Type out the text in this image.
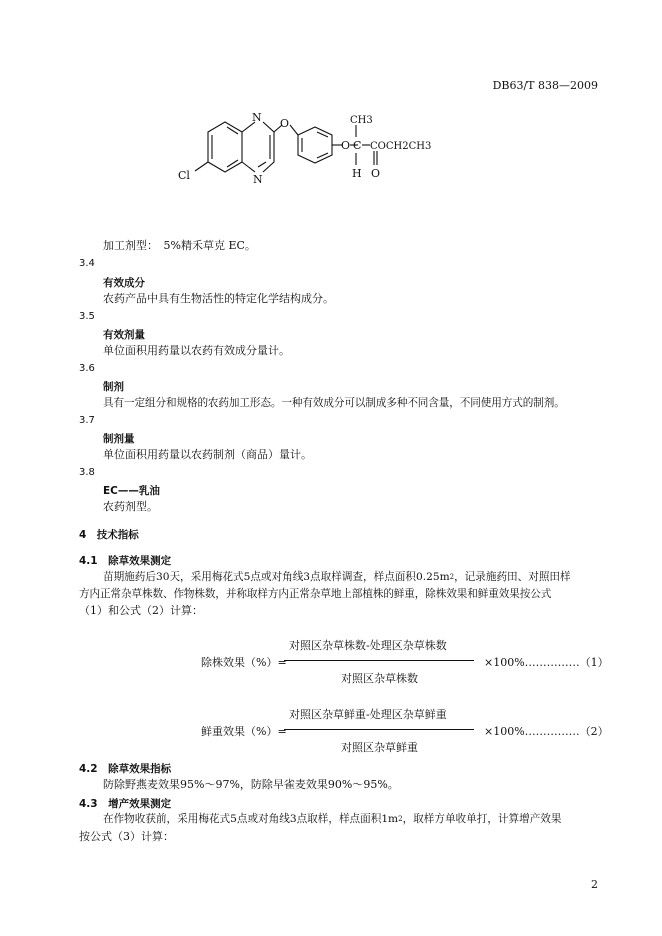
DB63/T 838—2009
N O
Cl	N
CH3
O C COCH2CH3
H O
加工剂型：　5%精禾草克 EC。
3.4
有效成分
农药产品中具有生物活性的特定化学结构成分。
3.5
有效剂量
单位面积用药量以农药有效成分量计。
3.6
制剂
具有一定组分和规格的农药加工形态。一种有效成分可以制成多种不同含量，不同使用方式的制剂。
3.7
制剂量
单位面积用药量以农药制剂（商品）量计。
3.8
EC——乳油
农药剂型。
4　技术指标
4.1　除草效果测定
苗期施药后30天，采用梅花式5点或对角线3点取样调查，样点面积$0.25m^2$，记录施药田、对照田样
方内正常杂草株数、作物株数，并称取样方内正常杂草地上部植株的鲜重，除株效果和鲜重效果按公式
（1）和公式（2）计算：
除株效果（%）=
对照区杂草株数-处理区杂草株数
对照区杂草株数
×100%……………（1）
鲜重效果（%）=
对照区杂草鲜重-处理区杂草鲜重
对照区杂草鲜重
×100%……………（2）
4.2　除草效果指标
防除野燕麦效果95%～97%，防除早雀麦效果90%～95%。
4.3　增产效果测定
在作物收获前，采用梅花式5点或对角线3点取样，样点面积$1m^2$，取样方单收单打，计算增产效果
按公式（3）计算：
2
